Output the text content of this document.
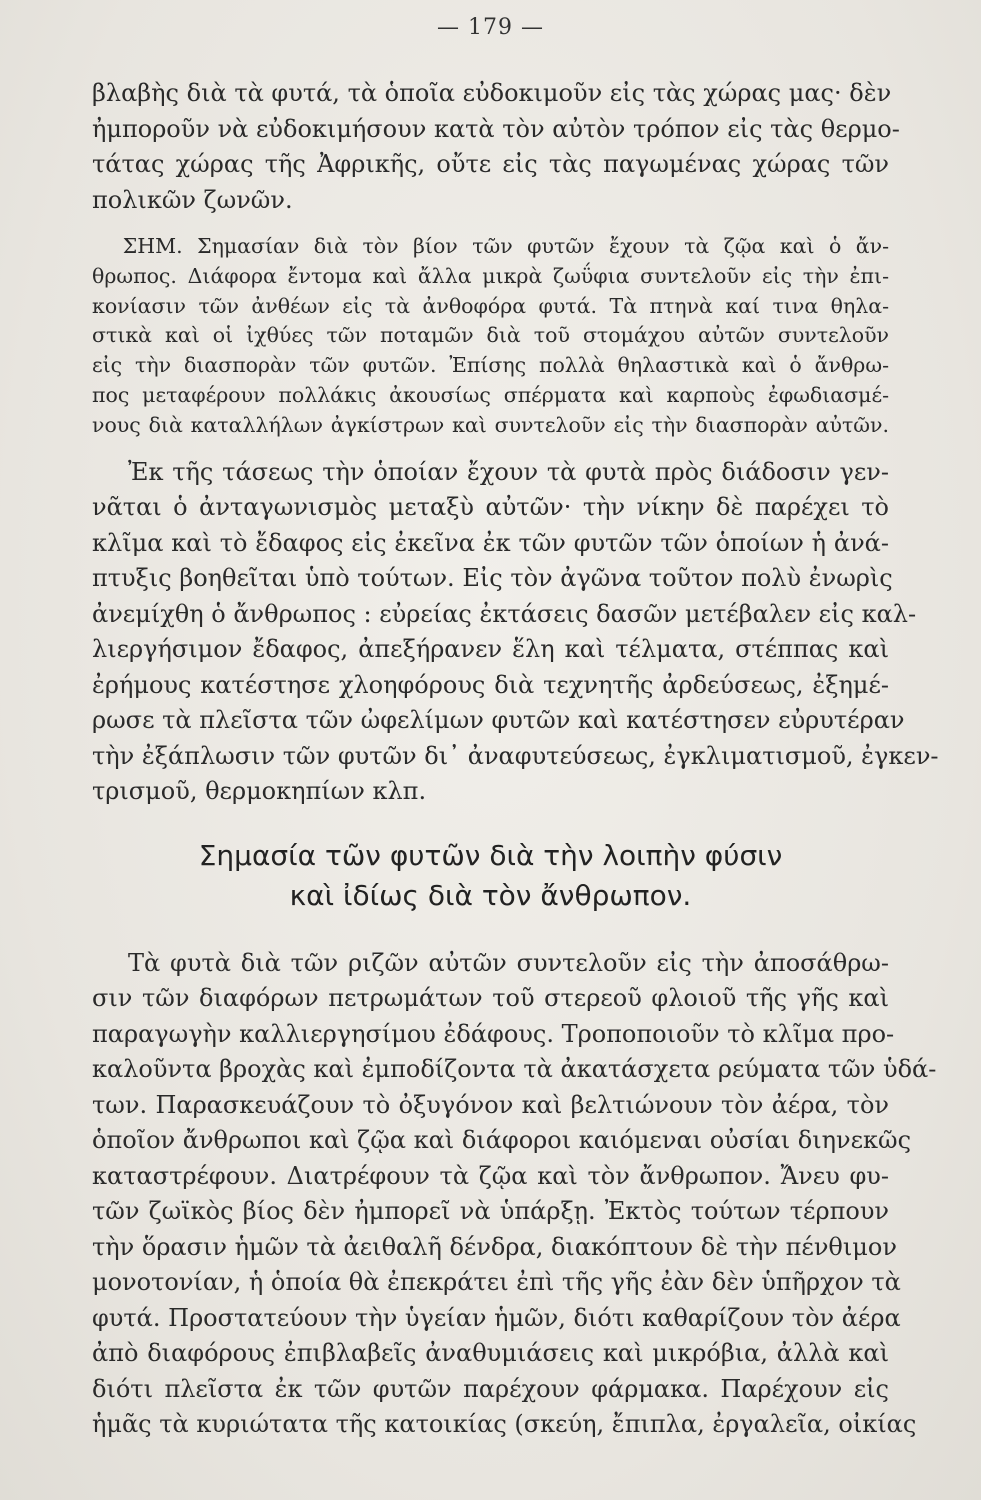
— 179 —
βλαβὴς διὰ τὰ φυτά, τὰ ὁποῖα εὐδοκιμοῦν εἰς τὰς χώρας μας· δὲν
ἠμποροῦν νὰ εὐδοκιμήσουν κατὰ τὸν αὐτὸν τρόπον εἰς τὰς θερμο-
τάτας χώρας τῆς Ἀφρικῆς, οὔτε εἰς τὰς παγωμένας χώρας τῶν
πολικῶν ζωνῶν.
ΣΗΜ. Σημασίαν διὰ τὸν βίον τῶν φυτῶν ἔχουν τὰ ζῷα καὶ ὁ ἄν-
θρωπος. Διάφορα ἔντομα καὶ ἄλλα μικρὰ ζωΰφια συντελοῦν εἰς τὴν ἐπι-
κονίασιν τῶν ἀνθέων εἰς τὰ ἀνθοφόρα φυτά. Τὰ πτηνὰ καί τινα θηλα-
στικὰ καὶ οἱ ἰχθύες τῶν ποταμῶν διὰ τοῦ στομάχου αὐτῶν συντελοῦν
εἰς τὴν διασπορὰν τῶν φυτῶν. Ἐπίσης πολλὰ θηλαστικὰ καὶ ὁ ἄνθρω-
πος μεταφέρουν πολλάκις ἀκουσίως σπέρματα καὶ καρποὺς ἐφωδιασμέ-
νους διὰ καταλλήλων ἀγκίστρων καὶ συντελοῦν εἰς τὴν διασπορὰν αὐτῶν.
Ἐκ τῆς τάσεως τὴν ὁποίαν ἔχουν τὰ φυτὰ πρὸς διάδοσιν γεν-
νᾶται ὁ ἀνταγωνισμὸς μεταξὺ αὐτῶν· τὴν νίκην δὲ παρέχει τὸ
κλῖμα καὶ τὸ ἔδαφος εἰς ἐκεῖνα ἐκ τῶν φυτῶν τῶν ὁποίων ἡ ἀνά-
πτυξις βοηθεῖται ὑπὸ τούτων. Εἰς τὸν ἀγῶνα τοῦτον πολὺ ἐνωρὶς
ἀνεμίχθη ὁ ἄνθρωπος : εὐρείας ἐκτάσεις δασῶν μετέβαλεν εἰς καλ-
λιεργήσιμον ἔδαφος, ἀπεξήρανεν ἕλη καὶ τέλματα, στέππας καὶ
ἐρήμους κατέστησε χλοηφόρους διὰ τεχνητῆς ἀρδεύσεως, ἐξημέ-
ρωσε τὰ πλεῖστα τῶν ὠφελίμων φυτῶν καὶ κατέστησεν εὐρυτέραν
τὴν ἐξάπλωσιν τῶν φυτῶν δι᾽ ἀναφυτεύσεως, ἐγκλιματισμοῦ, ἐγκεν-
τρισμοῦ, θερμοκηπίων κλπ.
Σημασία τῶν φυτῶν διὰ τὴν λοιπὴν φύσιν
καὶ ἰδίως διὰ τὸν ἄνθρωπον.
Τὰ φυτὰ διὰ τῶν ριζῶν αὐτῶν συντελοῦν εἰς τὴν ἀποσάθρω-
σιν τῶν διαφόρων πετρωμάτων τοῦ στερεοῦ φλοιοῦ τῆς γῆς καὶ
παραγωγὴν καλλιεργησίμου ἐδάφους. Τροποποιοῦν τὸ κλῖμα προ-
καλοῦντα βροχὰς καὶ ἐμποδίζοντα τὰ ἀκατάσχετα ρεύματα τῶν ὑδά-
των. Παρασκευάζουν τὸ ὀξυγόνον καὶ βελτιώνουν τὸν ἀέρα, τὸν
ὁποῖον ἄνθρωποι καὶ ζῷα καὶ διάφοροι καιόμεναι οὐσίαι διηνεκῶς
καταστρέφουν. Διατρέφουν τὰ ζῷα καὶ τὸν ἄνθρωπον. Ἄνευ φυ-
τῶν ζωϊκὸς βίος δὲν ἠμπορεῖ νὰ ὑπάρξῃ. Ἐκτὸς τούτων τέρπουν
τὴν ὅρασιν ἡμῶν τὰ ἀειθαλῆ δένδρα, διακόπτουν δὲ τὴν πένθιμον
μονοτονίαν, ἡ ὁποία θὰ ἐπεκράτει ἐπὶ τῆς γῆς ἐὰν δὲν ὑπῆρχον τὰ
φυτά. Προστατεύουν τὴν ὑγείαν ἡμῶν, διότι καθαρίζουν τὸν ἀέρα
ἀπὸ διαφόρους ἐπιβλαβεῖς ἀναθυμιάσεις καὶ μικρόβια, ἀλλὰ καὶ
διότι πλεῖστα ἐκ τῶν φυτῶν παρέχουν φάρμακα. Παρέχουν εἰς
ἡμᾶς τὰ κυριώτατα τῆς κατοικίας (σκεύη, ἔπιπλα, ἐργαλεῖα, οἰκίας
